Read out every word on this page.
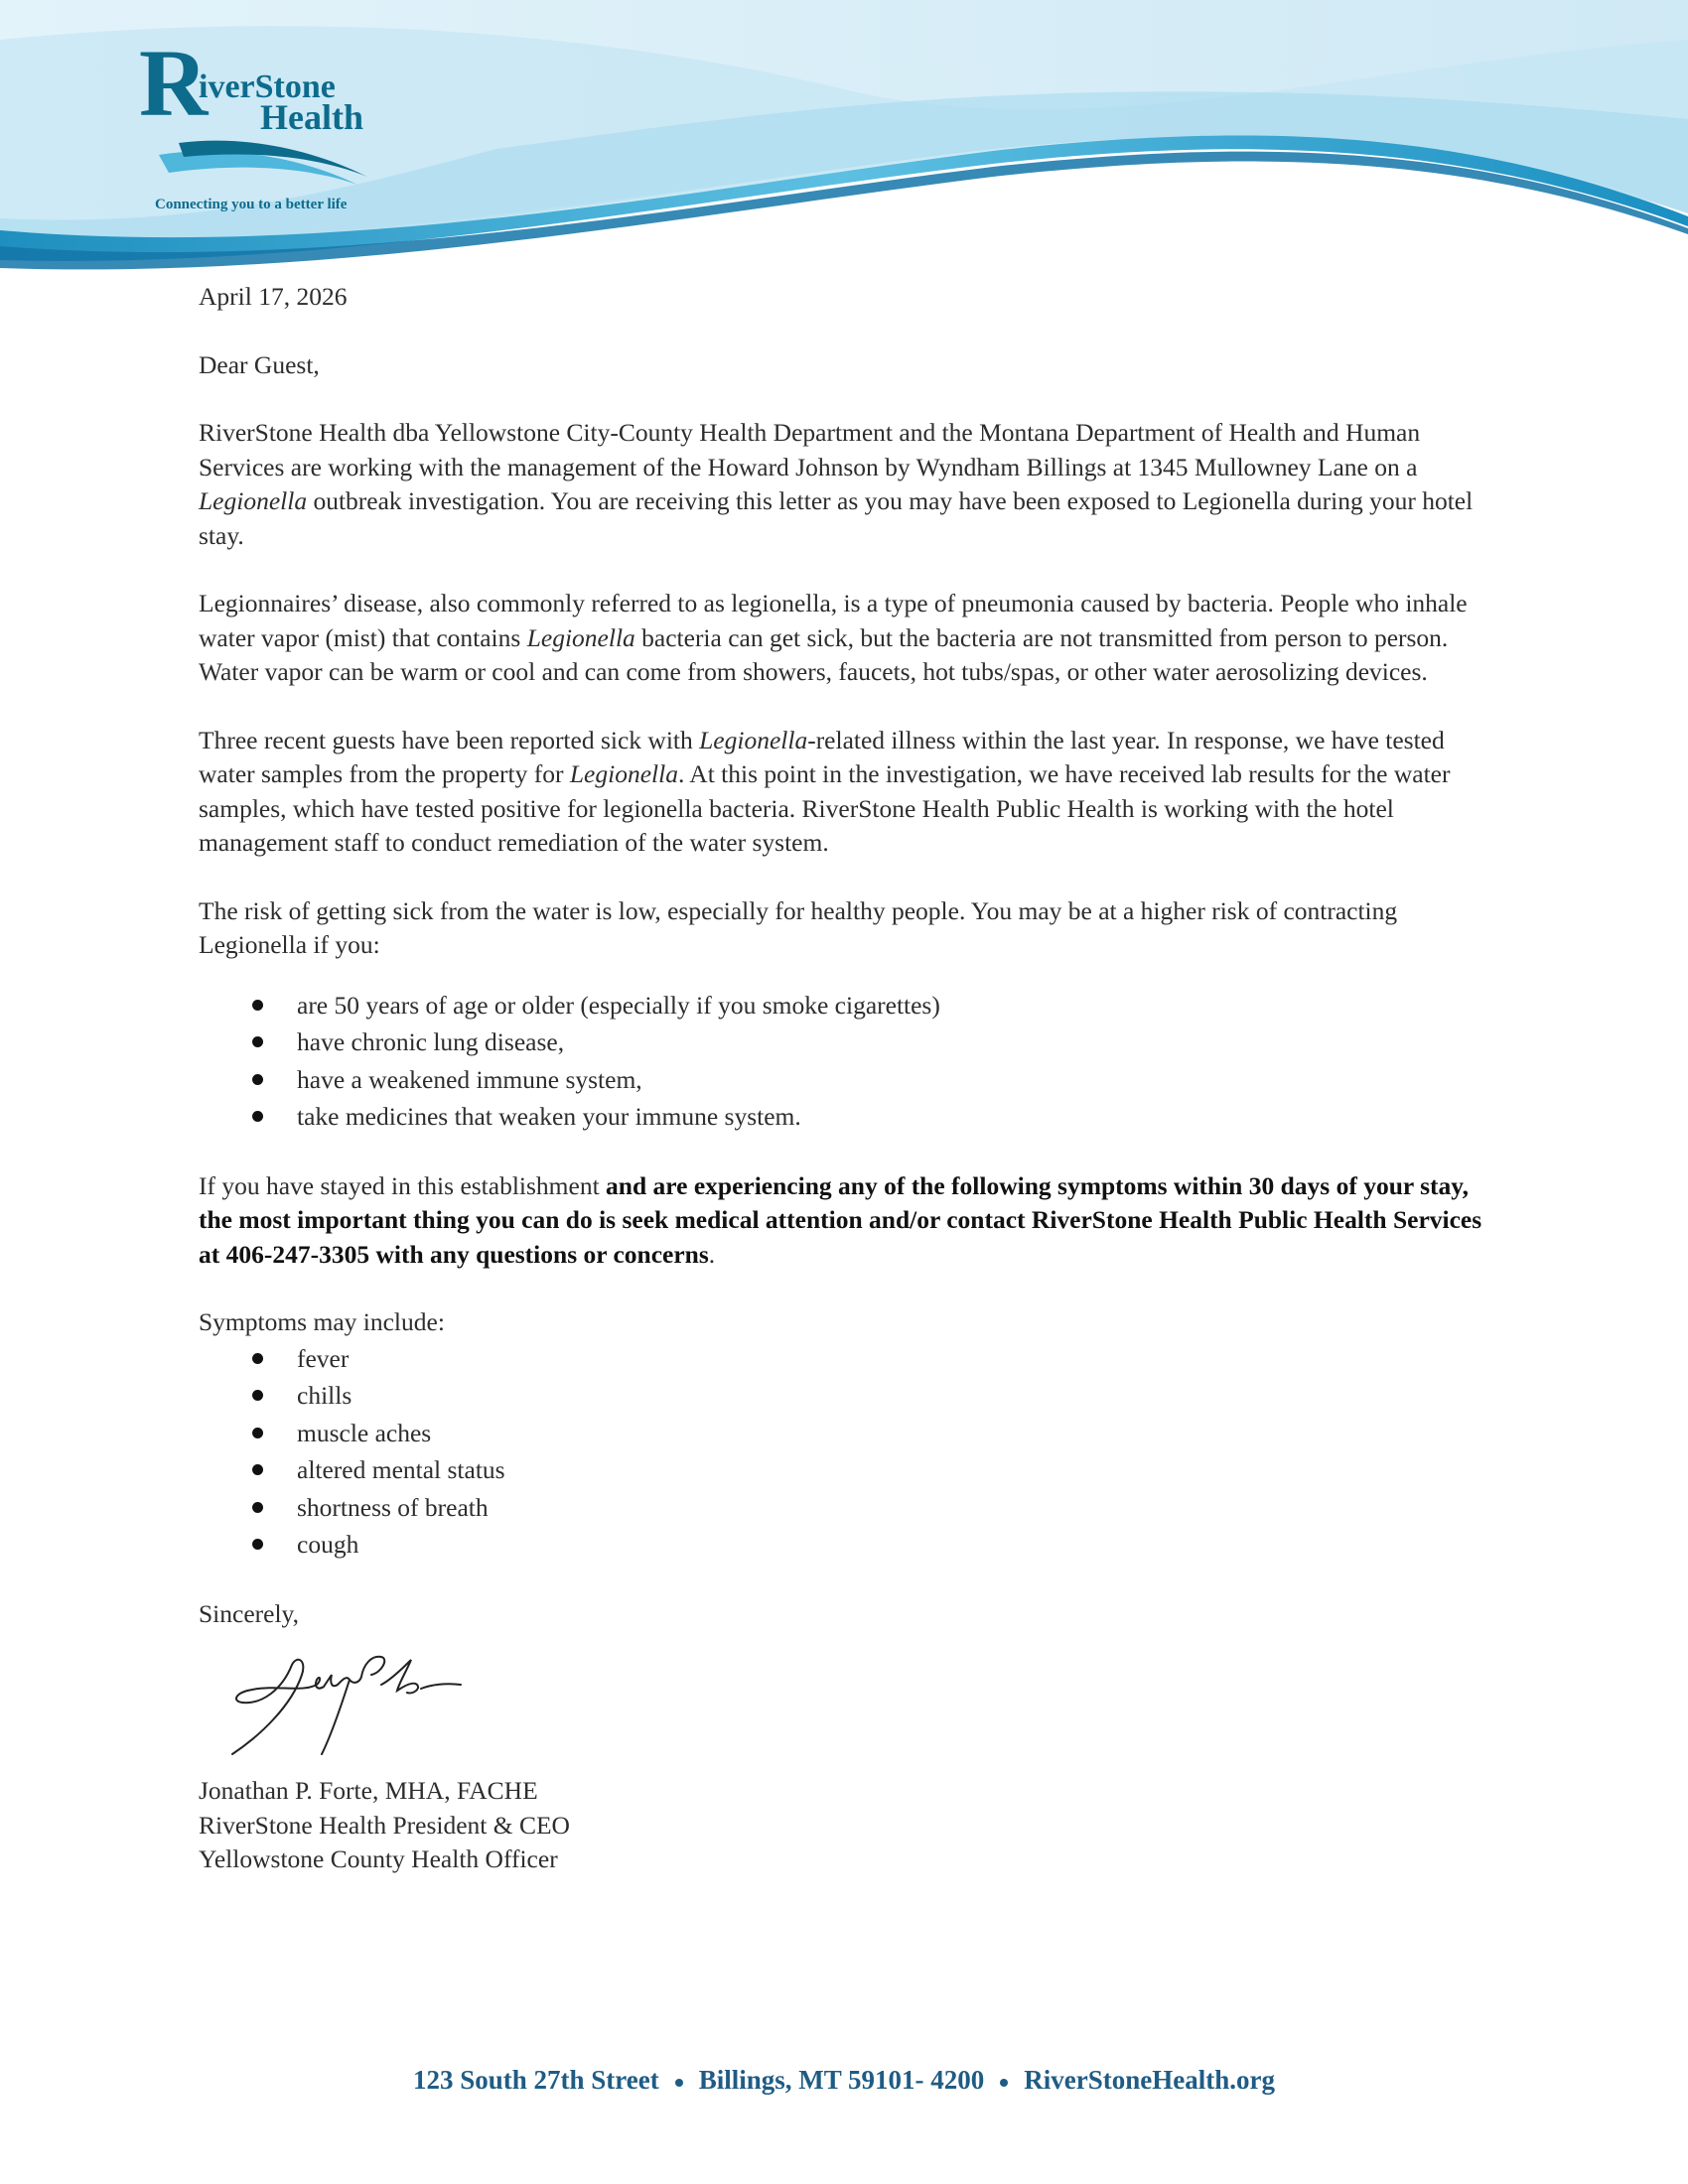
R
iverStone
Health
Connecting you to a better life

April 17, 2026

Dear Guest,

RiverStone Health dba Yellowstone City-County Health Department and the Montana Department of Health and Human Services are working with the management of the Howard Johnson by Wyndham Billings at 1345 Mullowney Lane on a Legionella outbreak investigation. You are receiving this letter as you may have been exposed to Legionella during your hotel stay.

Legionnaires’ disease, also commonly referred to as legionella, is a type of pneumonia caused by bacteria. People who inhale water vapor (mist) that contains Legionella bacteria can get sick, but the bacteria are not transmitted from person to person. Water vapor can be warm or cool and can come from showers, faucets, hot tubs/spas, or other water aerosolizing devices.

Three recent guests have been reported sick with Legionella-related illness within the last year. In response, we have tested water samples from the property for Legionella. At this point in the investigation, we have received lab results for the water samples, which have tested positive for legionella bacteria. RiverStone Health Public Health is working with the hotel management staff to conduct remediation of the water system.

The risk of getting sick from the water is low, especially for healthy people. You may be at a higher risk of contracting Legionella if you:

are 50 years of age or older (especially if you smoke cigarettes)
have chronic lung disease,
have a weakened immune system,
take medicines that weaken your immune system.

If you have stayed in this establishment and are experiencing any of the following symptoms within 30 days of your stay, the most important thing you can do is seek medical attention and/or contact RiverStone Health Public Health Services at 406-247-3305 with any questions or concerns.

Symptoms may include:

fever
chills
muscle aches
altered mental status
shortness of breath
cough

Sincerely,

Jonathan P. Forte, MHA, FACHE
RiverStone Health President & CEO
Yellowstone County Health Officer
123 South 27th Street Billings, MT 59101- 4200 RiverStoneHealth.org
